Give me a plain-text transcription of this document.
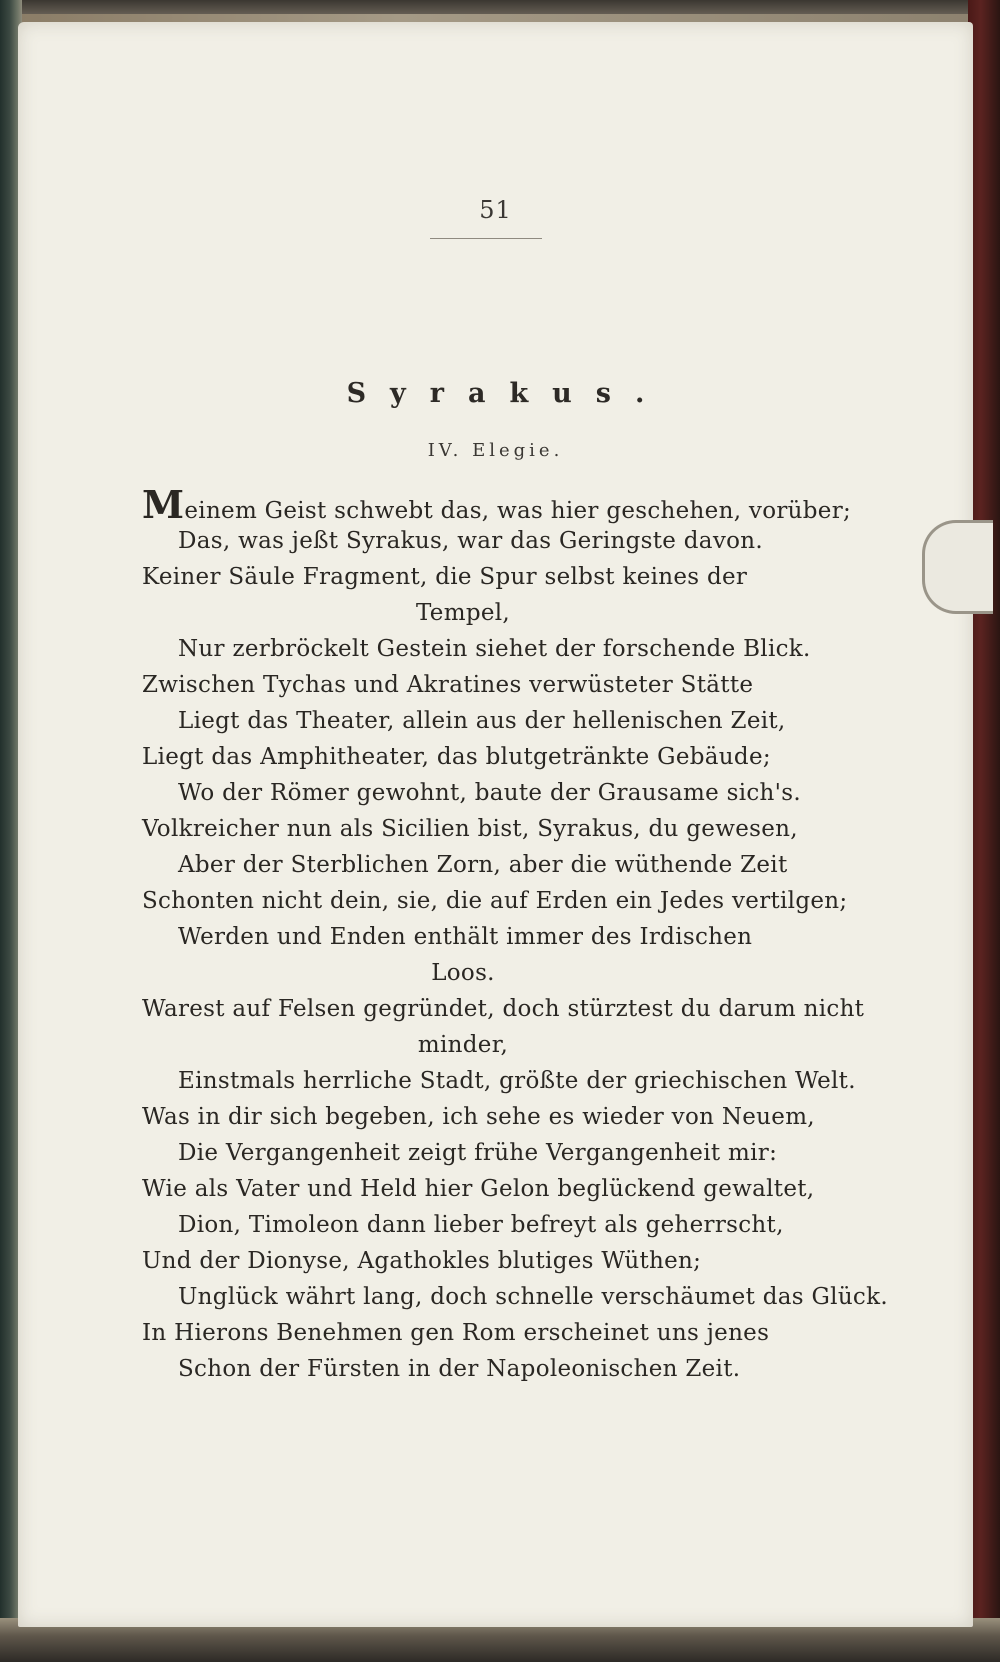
51
Syrakus.
IV. Elegie.
Meinem Geist schwebt das, was hier geschehen, vorüber;
Das, was jeßt Syrakus, war das Geringste davon.
Keiner Säule Fragment, die Spur selbst keines der
Tempel,
Nur zerbröckelt Gestein siehet der forschende Blick.
Zwischen Tychas und Akratines verwüsteter Stätte
Liegt das Theater, allein aus der hellenischen Zeit,
Liegt das Amphitheater, das blutgetränkte Gebäude;
Wo der Römer gewohnt, baute der Grausame sich's.
Volkreicher nun als Sicilien bist, Syrakus, du gewesen,
Aber der Sterblichen Zorn, aber die wüthende Zeit
Schonten nicht dein, sie, die auf Erden ein Jedes vertilgen;
Werden und Enden enthält immer des Irdischen
Loos.
Warest auf Felsen gegründet, doch stürztest du darum nicht
minder,
Einstmals herrliche Stadt, größte der griechischen Welt.
Was in dir sich begeben, ich sehe es wieder von Neuem,
Die Vergangenheit zeigt frühe Vergangenheit mir:
Wie als Vater und Held hier Gelon beglückend gewaltet,
Dion, Timoleon dann lieber befreyt als geherrscht,
Und der Dionyse, Agathokles blutiges Wüthen;
Unglück währt lang, doch schnelle verschäumet das Glück.
In Hierons Benehmen gen Rom erscheinet uns jenes
Schon der Fürsten in der Napoleonischen Zeit.
